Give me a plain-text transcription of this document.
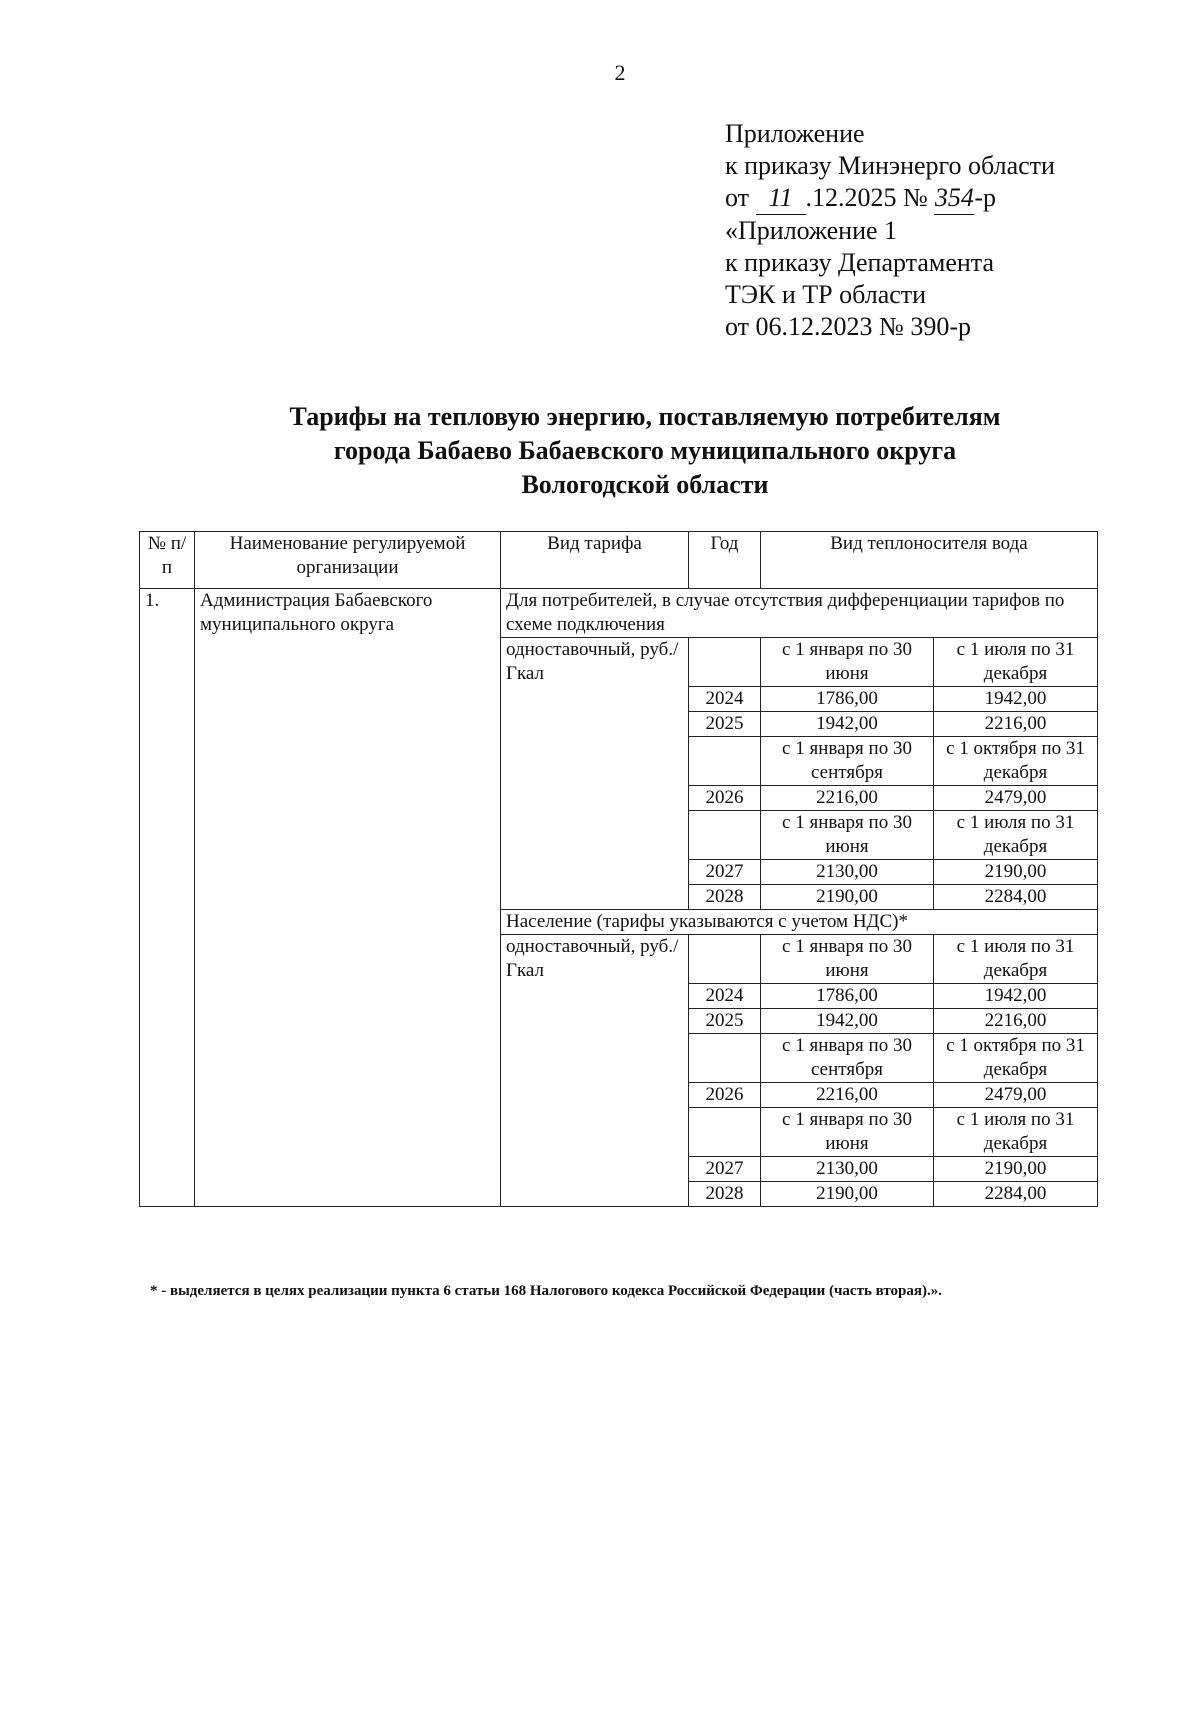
2
Приложение
к приказу Минэнерго области
от 11 .12.2025 № 354-р
«Приложение 1
к приказу Департамента
ТЭК и ТР области
от 06.12.2023 № 390-р
Тарифы на тепловую энергию, поставляемую потребителям
города Бабаево Бабаевского муниципального округа
Вологодской области
№ п/п	Наименование регулируемой организации	Вид тарифа	Год	Вид теплоносителя вода	
1.	Администрация Бабаевского муниципального округа	Для потребителей, в случае отсутствия дифференциации тарифов по схеме подключения			
		одноставочный, руб./Гкал		с 1 января по 30 июня	с 1 июля по 31 декабря
			2024	1786,00	1942,00
			2025	1942,00	2216,00
				с 1 января по 30 сентября	с 1 октября по 31 декабря
			2026	2216,00	2479,00
				с 1 января по 30 июня	с 1 июля по 31 декабря
			2027	2130,00	2190,00
			2028	2190,00	2284,00
		Население (тарифы указываются с учетом НДС)*			
		одноставочный, руб./Гкал		с 1 января по 30 июня	с 1 июля по 31 декабря
			2024	1786,00	1942,00
			2025	1942,00	2216,00
				с 1 января по 30 сентября	с 1 октября по 31 декабря
			2026	2216,00	2479,00
				с 1 января по 30 июня	с 1 июля по 31 декабря
			2027	2130,00	2190,00
			2028	2190,00	2284,00
* - выделяется в целях реализации пункта 6 статьи 168 Налогового кодекса Российской Федерации (часть вторая).».
